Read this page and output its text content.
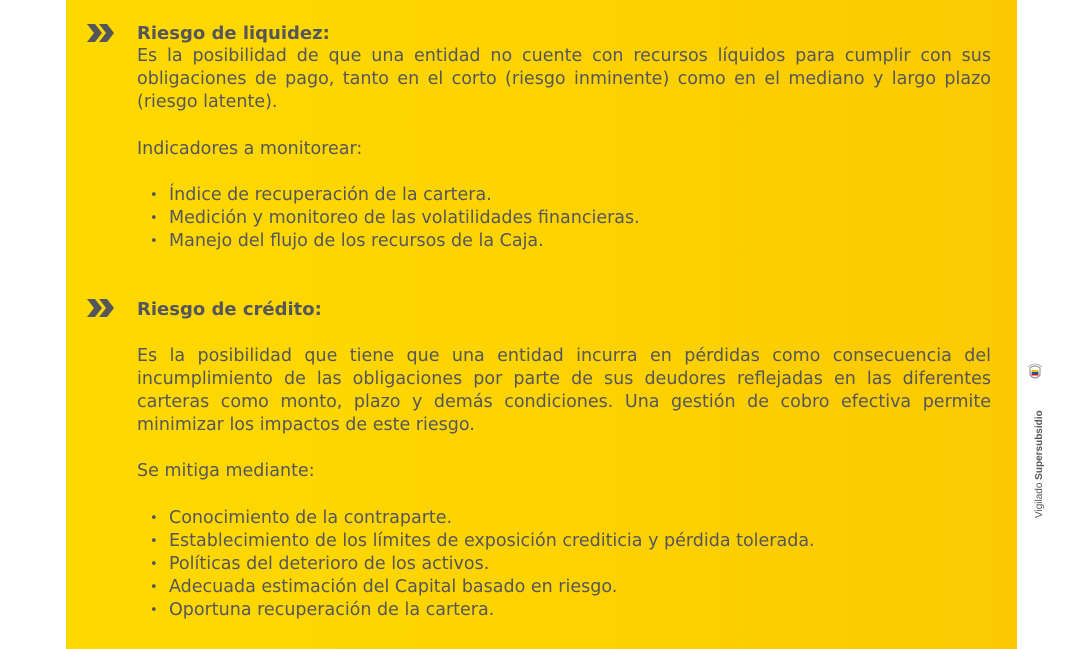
Riesgo de liquidez:

Es la posibilidad de que una entidad no cuente con recursos líquidos para cumplir con sus obligaciones de pago, tanto en el corto (riesgo inminente) como en el mediano y largo plazo (riesgo latente).

Indicadores a monitorear:

• Índice de recuperación de la cartera.
• Medición y monitoreo de las volatilidades financieras.
• Manejo del flujo de los recursos de la Caja.
Riesgo de crédito:

Es la posibilidad que tiene que una entidad incurra en pérdidas como consecuencia del incumplimiento de las obligaciones por parte de sus deudores reflejadas en las diferentes carteras como monto, plazo y demás condiciones. Una gestión de cobro efectiva permite minimizar los impactos de este riesgo.

Se mitiga mediante:

• Conocimiento de la contraparte.
• Establecimiento de los límites de exposición crediticia y pérdida tolerada.
• Políticas del deterioro de los activos.
• Adecuada estimación del Capital basado en riesgo.
• Oportuna recuperación de la cartera.
Vigilado Supersubsidio
